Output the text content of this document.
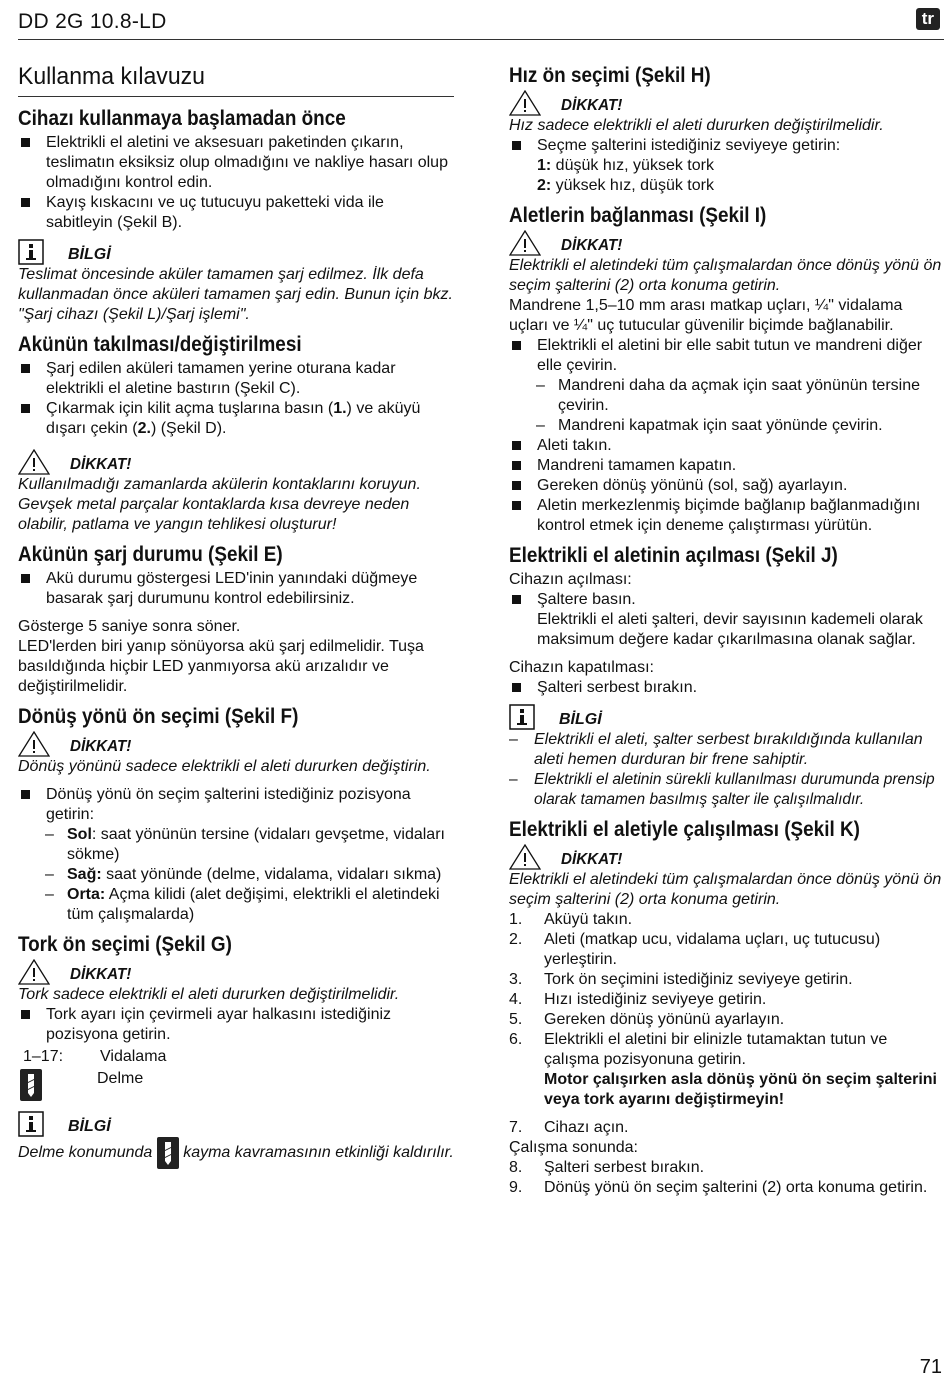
DD 2G 10.8-LD	tr
Kullanma kılavuzu
Cihazı kullanmaya başlamadan önce

Elektrikli el aletini ve aksesuarı paketinden çıkarın, teslimatın eksiksiz olup olmadığını ve nakliye hasarı olup olmadığını kontrol edin.

Kayış kıskacını ve uç tutucuyu paketteki vida ile sabitleyin (Şekil B).

BİLGİ

Teslimat öncesinde aküler tamamen şarj edilmez. İlk defa kullanmadan önce aküleri tamamen şarj edin. Bunun için bkz. "Şarj cihazı (Şekil L)/Şarj işlemi".

Akünün takılması/değiştirilmesi

Şarj edilen aküleri tamamen yerine oturana kadar elektrikli el aletine bastırın (Şekil C).

Çıkarmak için kilit açma tuşlarına basın (1.) ve aküyü dışarı çekin (2.) (Şekil D).

DİKKAT!

Kullanılmadığı zamanlarda akülerin kontaklarını koruyun. Gevşek metal parçalar kontaklarda kısa devreye neden olabilir, patlama ve yangın tehlikesi oluşturur!

Akünün şarj durumu (Şekil E)

Akü durumu göstergesi LED'inin yanındaki düğmeye basarak şarj durumunu kontrol edebilirsiniz.

Gösterge 5 saniye sonra söner.

LED'lerden biri yanıp sönüyorsa akü şarj edilmelidir. Tuşa basıldığında hiçbir LED yanmıyorsa akü arızalıdır ve değiştirilmelidir.

Dönüş yönü ön seçimi (Şekil F)
DİKKAT!

Dönüş yönünü sadece elektrikli el aleti dururken değiştirin.

Dönüş yönü ön seçim şalterini istediğiniz pozisyona getirin:

– Sol: saat yönünün tersine (vidaları gevşetme, vidaları sökme)

– Sağ: saat yönünde (delme, vidalama, vidaları sıkma)

– Orta: Açma kilidi (alet değişimi, elektrikli el aletindeki tüm çalışmalarda)

Tork ön seçimi (Şekil G)
DİKKAT!

Tork sadece elektrikli el aleti dururken değiştirilmelidir.

Tork ayarı için çevirmeli ayar halkasını istediğiniz pozisyona getirin.

1–17:	Vidalama
Delme
BİLGİ

Delme konumunda kayma kavramasının etkinliği kaldırılır.

Hız ön seçimi (Şekil H)
DİKKAT!

Hız sadece elektrikli el aleti dururken değiştirilmelidir.

Seçme şalterini istediğiniz seviyeye getirin:

1: düşük hız, yüksek tork

2: yüksek hız, düşük tork

Aletlerin bağlanması (Şekil I)
DİKKAT!

Elektrikli el aletindeki tüm çalışmalardan önce dönüş yönü ön seçim şalterini (2) orta konuma getirin.

Mandrene 1,5–10 mm arası matkap uçları, ¼" vidalama uçları ve ¼" uç tutucular güvenilir biçimde bağlanabilir.

Elektrikli el aletini bir elle sabit tutun ve mandreni diğer elle çevirin.

– Mandreni daha da açmak için saat yönünün tersine çevirin.

– Mandreni kapatmak için saat yönünde çevirin.

Aleti takın.

Mandreni tamamen kapatın.

Gereken dönüş yönünü (sol, sağ) ayarlayın.

Aletin merkezlenmiş biçimde bağlanıp bağlanmadığını kontrol etmek için deneme çalıştırması yürütün.

Elektrikli el aletinin açılması (Şekil J)

Cihazın açılması:

Şaltere basın.

Elektrikli el aleti şalteri, devir sayısının kademeli olarak maksimum değere kadar çıkarılmasına olanak sağlar.

Cihazın kapatılması:

Şalteri serbest bırakın.

BİLGİ

– Elektrikli el aleti, şalter serbest bırakıldığında kullanılan aleti hemen durduran bir frene sahiptir.

– Elektrikli el aletinin sürekli kullanılması durumunda prensip olarak tamamen basılmış şalter ile çalışılmalıdır.

Elektrikli el aletiyle çalışılması (Şekil K)
DİKKAT!

Elektrikli el aletindeki tüm çalışmalardan önce dönüş yönü ön seçim şalterini (2) orta konuma getirin.

1. Aküyü takın.

2. Aleti (matkap ucu, vidalama uçları, uç tutucusu) yerleştirin.

3. Tork ön seçimini istediğiniz seviyeye getirin.

4. Hızı istediğiniz seviyeye getirin.

5. Gereken dönüş yönünü ayarlayın.

6. Elektrikli el aletini bir elinizle tutamaktan tutun ve çalışma pozisyonuna getirin.

Motor çalışırken asla dönüş yönü ön seçim şalterini veya tork ayarını değiştirmeyin!

7. Cihazı açın.

Çalışma sonunda:

8. Şalteri serbest bırakın.

9. Dönüş yönü ön seçim şalterini (2) orta konuma getirin.

71
